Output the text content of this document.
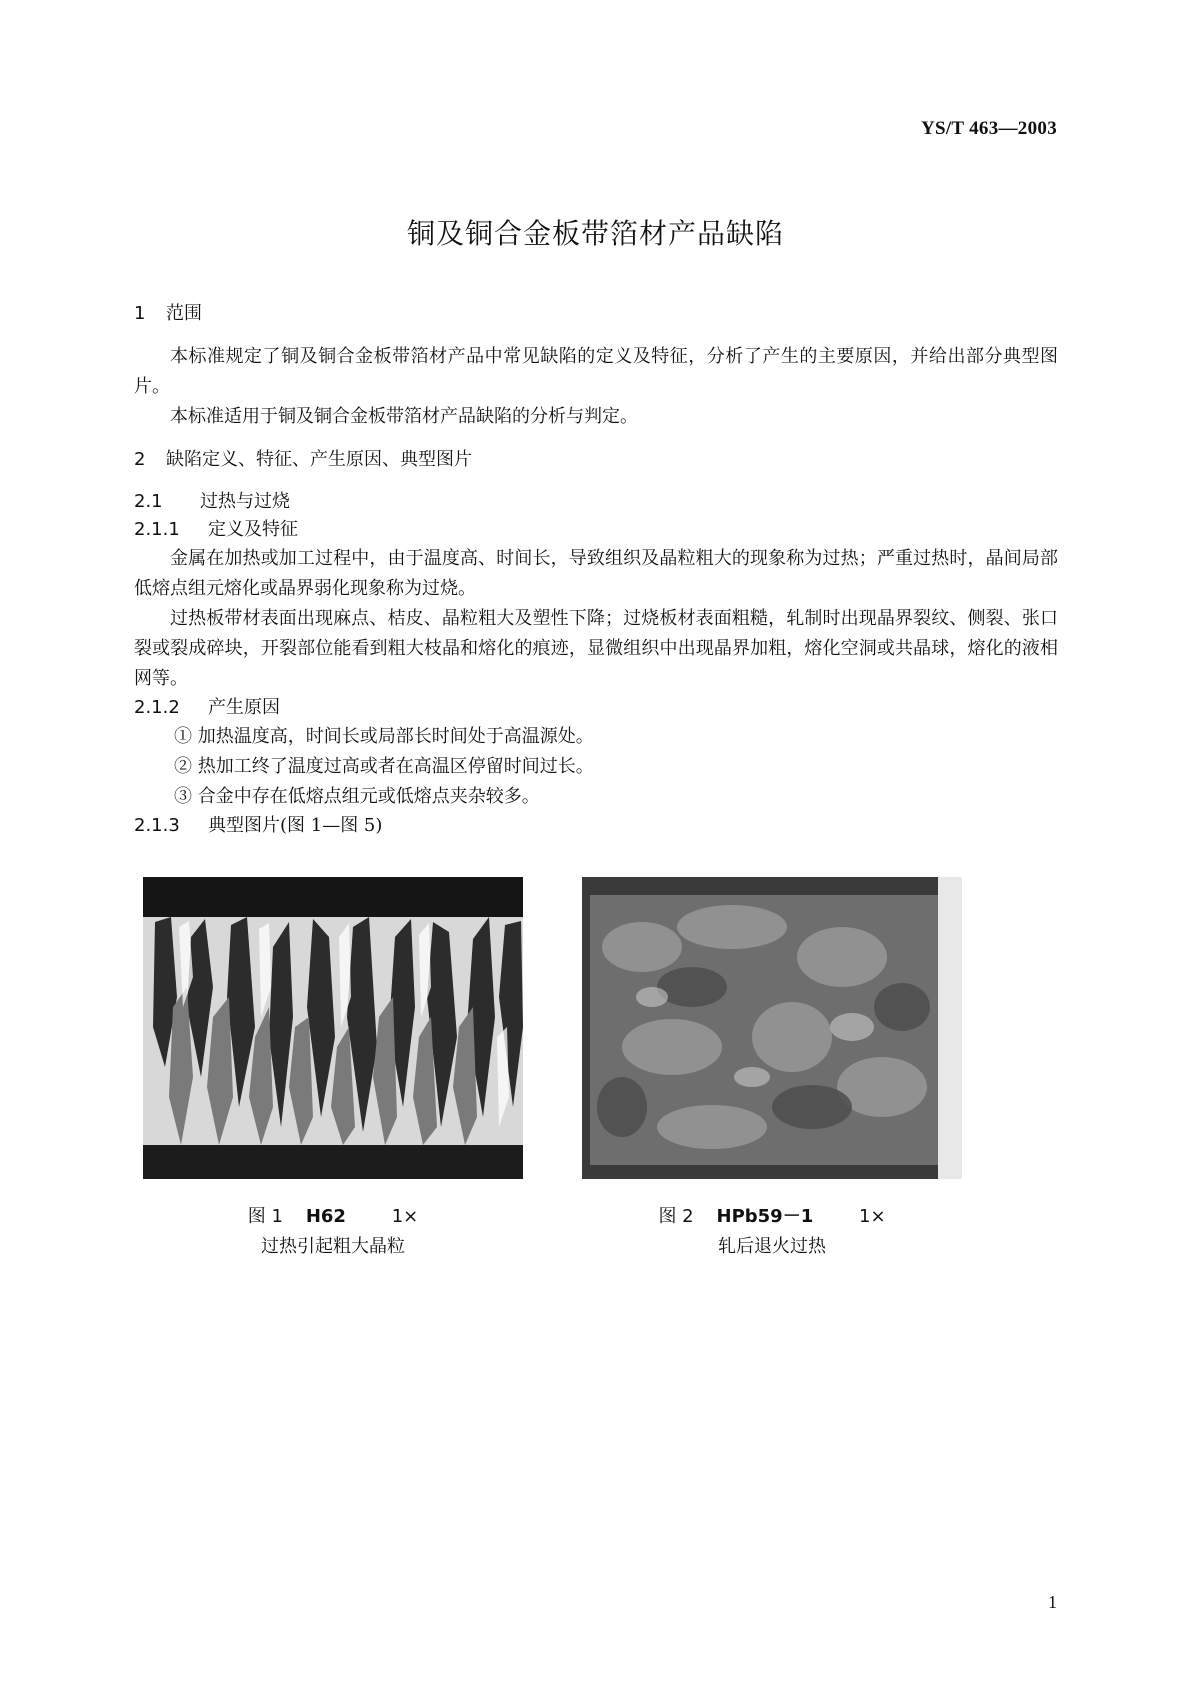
YS/T 463—2003
铜及铜合金板带箔材产品缺陷
1 范围

本标准规定了铜及铜合金板带箔材产品中常见缺陷的定义及特征，分析了产生的主要原因，并给出部分典型图片。

本标准适用于铜及铜合金板带箔材产品缺陷的分析与判定。

2 缺陷定义、特征、产生原因、典型图片
2.1 过热与过烧
2.1.1 定义及特征

金属在加热或加工过程中，由于温度高、时间长，导致组织及晶粒粗大的现象称为过热；严重过热时，晶间局部低熔点组元熔化或晶界弱化现象称为过烧。

过热板带材表面出现麻点、桔皮、晶粒粗大及塑性下降；过烧板材表面粗糙，轧制时出现晶界裂纹、侧裂、张口裂或裂成碎块，开裂部位能看到粗大枝晶和熔化的痕迹，显微组织中出现晶界加粗，熔化空洞或共晶球，熔化的液相网等。

2.1.2 产生原因
① 加热温度高，时间长或局部长时间处于高温源处。
② 热加工终了温度过高或者在高温区停留时间过长。
③ 合金中存在低熔点组元或低熔点夹杂较多。
2.1.3 典型图片(图 1—图 5)
图 1 H62	1×
过热引起粗大晶粒
图 2 HPb59－1	1×
轧后退火过热
1
